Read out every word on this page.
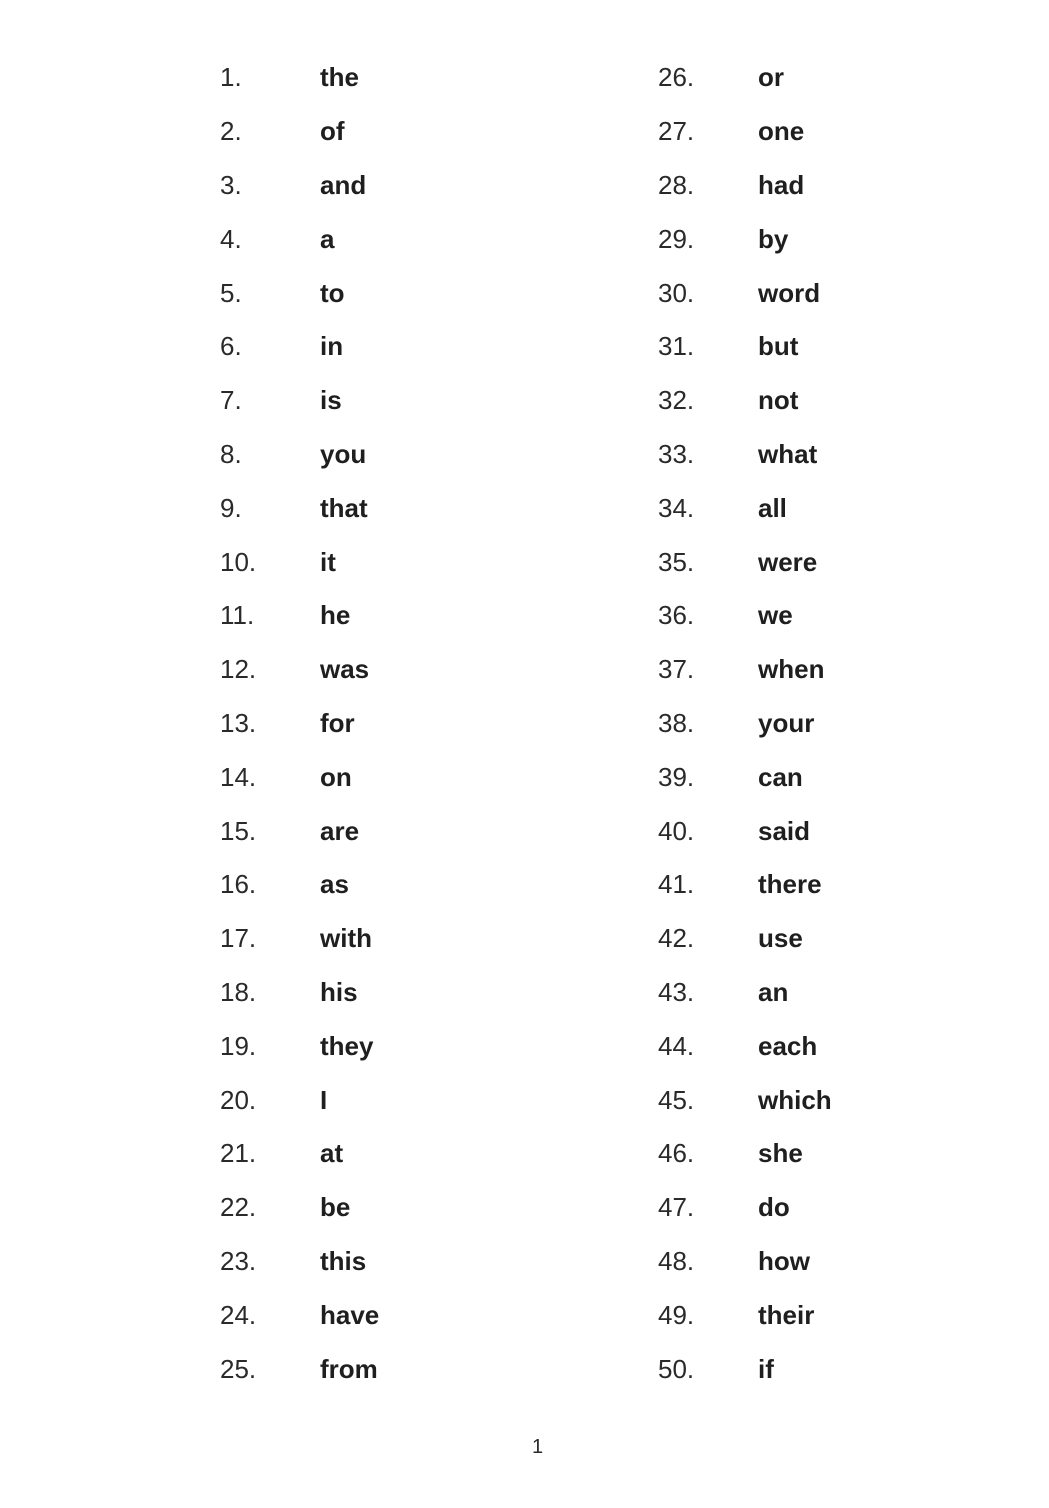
1.	the
2.	of
3.	and
4.	a
5.	to
6.	in
7.	is
8.	you
9.	that
10.	it
11.	he
12.	was
13.	for
14.	on
15.	are
16.	as
17.	with
18.	his
19.	they
20.	I
21.	at
22.	be
23.	this
24.	have
25.	from
26.	or
27.	one
28.	had
29.	by
30.	word
31.	but
32.	not
33.	what
34.	all
35.	were
36.	we
37.	when
38.	your
39.	can
40.	said
41.	there
42.	use
43.	an
44.	each
45.	which
46.	she
47.	do
48.	how
49.	their
50.	if
1
